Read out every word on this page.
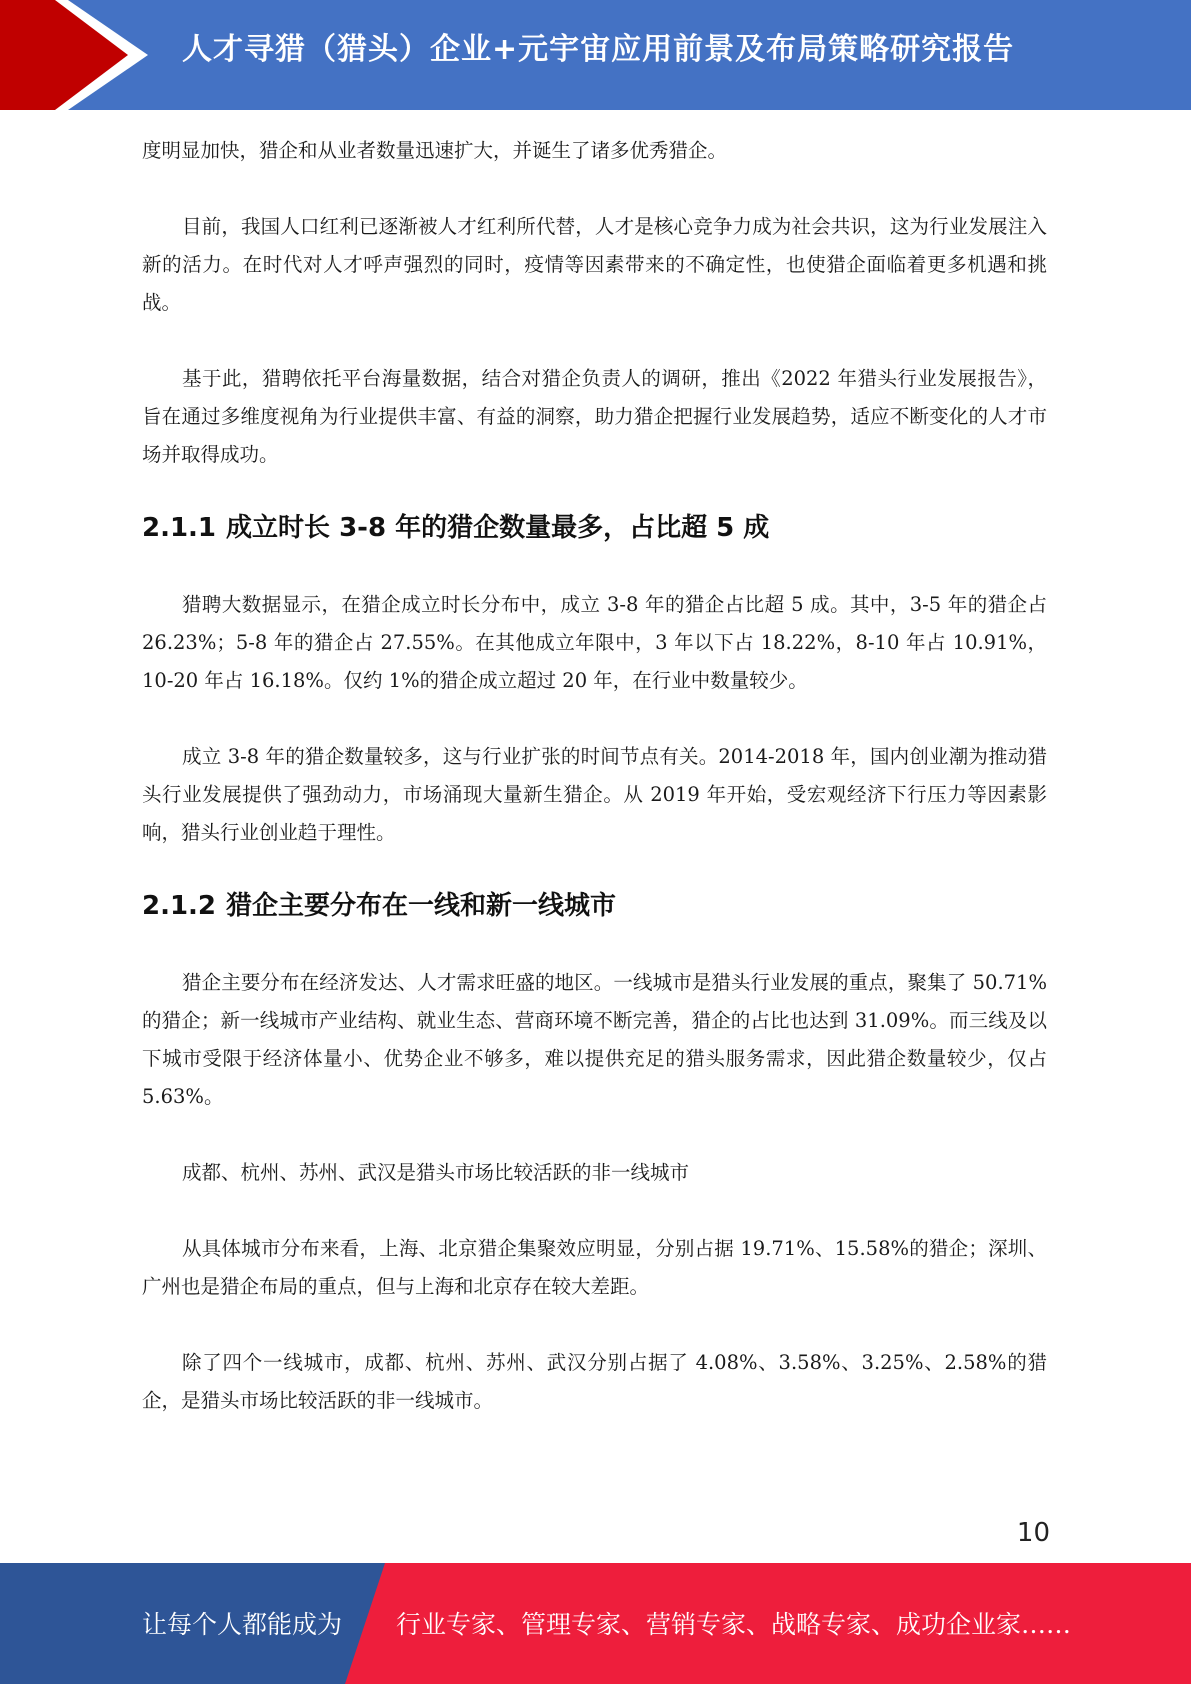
人才寻猎（猎头）企业+元宇宙应用前景及布局策略研究报告

度明显加快，猎企和从业者数量迅速扩大，并诞生了诸多优秀猎企。

目前，我国人口红利已逐渐被人才红利所代替，人才是核心竞争力成为社会共识，这为行业发展注入新的活力。在时代对人才呼声强烈的同时，疫情等因素带来的不确定性，也使猎企面临着更多机遇和挑战。

基于此，猎聘依托平台海量数据，结合对猎企负责人的调研，推出《2022 年猎头行业发展报告》，旨在通过多维度视角为行业提供丰富、有益的洞察，助力猎企把握行业发展趋势，适应不断变化的人才市场并取得成功。

2.1.1 成立时长 3-8 年的猎企数量最多，占比超 5 成

猎聘大数据显示，在猎企成立时长分布中，成立 3-8 年的猎企占比超 5 成。其中，3-5 年的猎企占 26.23%；5-8 年的猎企占 27.55%。在其他成立年限中，3 年以下占 18.22%，8-10 年占 10.91%，10-20 年占 16.18%。仅约 1%的猎企成立超过 20 年，在行业中数量较少。

成立 3-8 年的猎企数量较多，这与行业扩张的时间节点有关。2014-2018 年，国内创业潮为推动猎头行业发展提供了强劲动力，市场涌现大量新生猎企。从 2019 年开始，受宏观经济下行压力等因素影响，猎头行业创业趋于理性。

2.1.2 猎企主要分布在一线和新一线城市

猎企主要分布在经济发达、人才需求旺盛的地区。一线城市是猎头行业发展的重点，聚集了 50.71%的猎企；新一线城市产业结构、就业生态、营商环境不断完善，猎企的占比也达到 31.09%。而三线及以下城市受限于经济体量小、优势企业不够多，难以提供充足的猎头服务需求，因此猎企数量较少，仅占 5.63%。

成都、杭州、苏州、武汉是猎头市场比较活跃的非一线城市

从具体城市分布来看，上海、北京猎企集聚效应明显，分别占据 19.71%、15.58%的猎企；深圳、广州也是猎企布局的重点，但与上海和北京存在较大差距。

除了四个一线城市，成都、杭州、苏州、武汉分别占据了 4.08%、3.58%、3.25%、2.58%的猎企，是猎头市场比较活跃的非一线城市。

10
让每个人都能成为 行业专家、管理专家、营销专家、战略专家、成功企业家……
